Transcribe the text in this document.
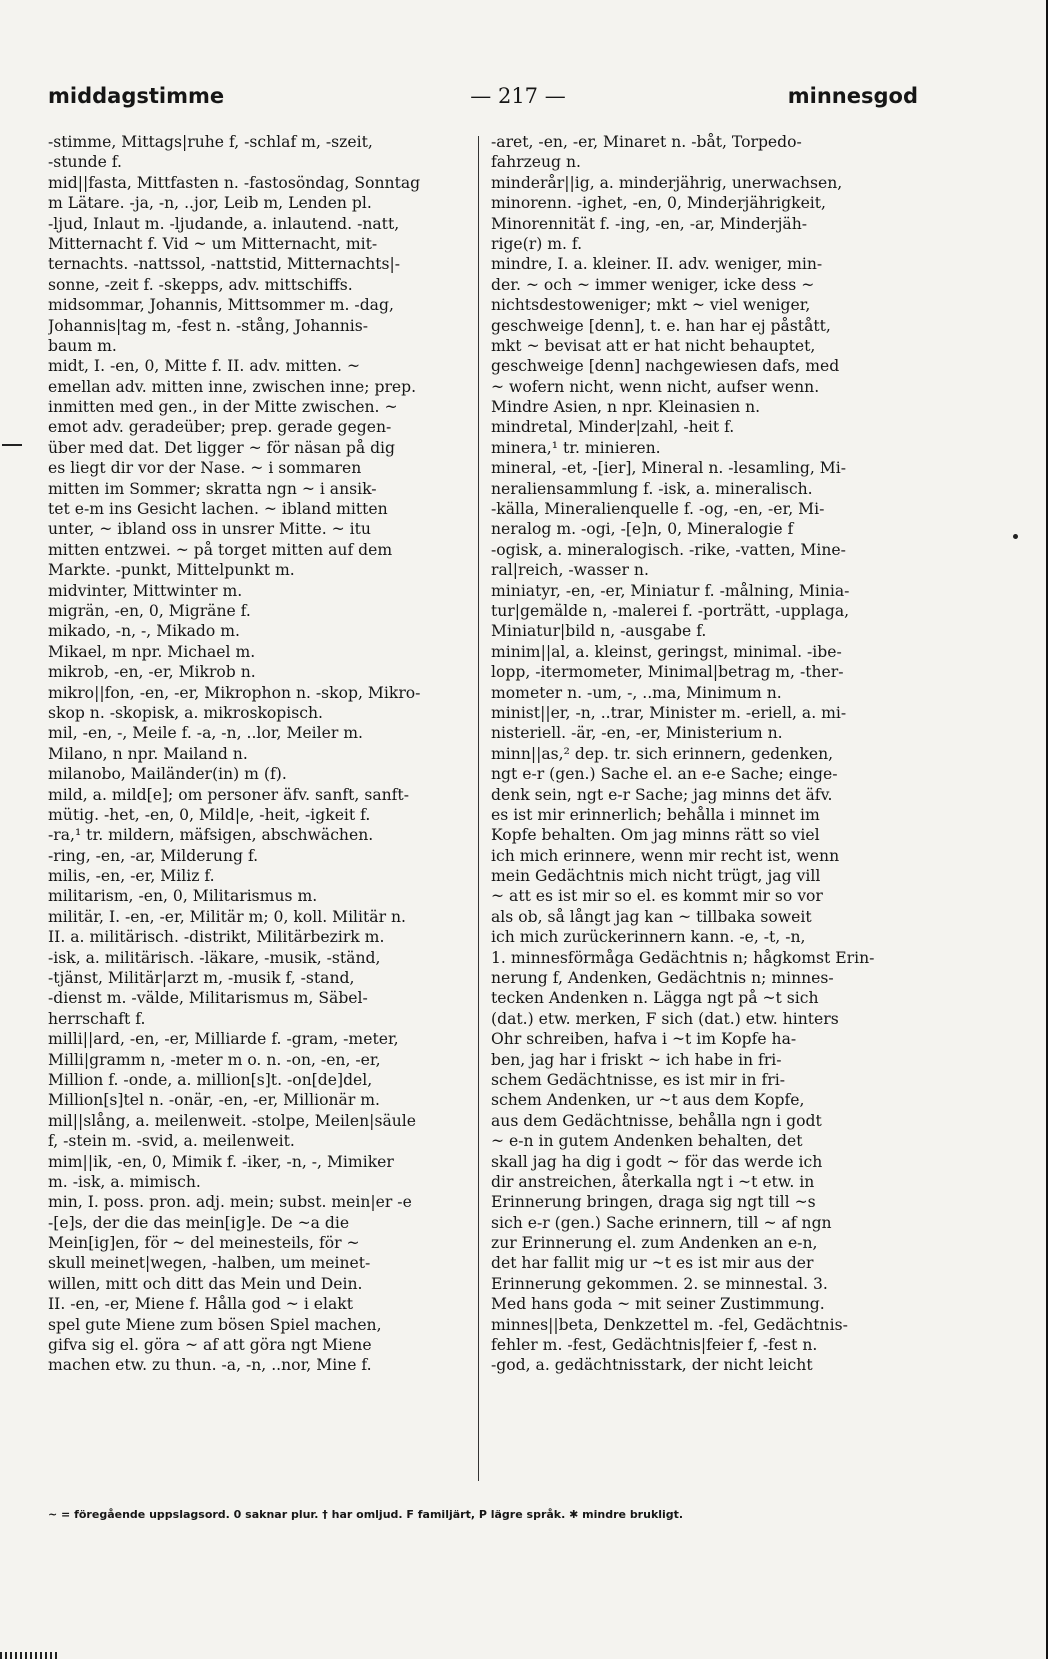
middagstimme	— 217 —	minnesgod
-stimme, Mittags|ruhe f, -schlaf m, -szeit,
-stunde f.
mid||fasta, Mittfasten n. -fastosöndag, Sonntag
m Lätare. -ja, -n, ..jor, Leib m, Lenden pl.
-ljud, Inlaut m. -ljudande, a. inlautend. -natt,
Mitternacht f. Vid ~ um Mitternacht, mit-
ternachts. -nattssol, -nattstid, Mitternachts|-
sonne, -zeit f. -skepps, adv. mittschiffs.
midsommar, Johannis, Mittsommer m. -dag,
Johannis|tag m, -fest n. -stång, Johannis-
baum m.
midt, I. -en, 0, Mitte f. II. adv. mitten. ~
emellan adv. mitten inne, zwischen inne; prep.
inmitten med gen., in der Mitte zwischen. ~
emot adv. geradeüber; prep. gerade gegen-
über med dat. Det ligger ~ för näsan på dig
es liegt dir vor der Nase. ~ i sommaren
mitten im Sommer; skratta ngn ~ i ansik-
tet e-m ins Gesicht lachen. ~ ibland mitten
unter, ~ ibland oss in unsrer Mitte. ~ itu
mitten entzwei. ~ på torget mitten auf dem
Markte. -punkt, Mittelpunkt m.
midvinter, Mittwinter m.
migrän, -en, 0, Migräne f.
mikado, -n, -, Mikado m.
Mikael, m npr. Michael m.
mikrob, -en, -er, Mikrob n.
mikro||fon, -en, -er, Mikrophon n. -skop, Mikro-
skop n. -skopisk, a. mikroskopisch.
mil, -en, -, Meile f. -a, -n, ..lor, Meiler m.
Milano, n npr. Mailand n.
milanobo, Mailänder(in) m (f).
mild, a. mild[e]; om personer äfv. sanft, sanft-
mütig. -het, -en, 0, Mild|e, -heit, -igkeit f.
-ra,¹ tr. mildern, mäfsigen, abschwächen.
-ring, -en, -ar, Milderung f.
milis, -en, -er, Miliz f.
militarism, -en, 0, Militarismus m.
militär, I. -en, -er, Militär m; 0, koll. Militär n.
II. a. militärisch. -distrikt, Militärbezirk m.
-isk, a. militärisch. -läkare, -musik, -ständ,
-tjänst, Militär|arzt m, -musik f, -stand,
-dienst m. -välde, Militarismus m, Säbel-
herrschaft f.
milli||ard, -en, -er, Milliarde f. -gram, -meter,
Milli|gramm n, -meter m o. n. -on, -en, -er,
Million f. -onde, a. million[s]t. -on[de]del,
Million[s]tel n. -onär, -en, -er, Millionär m.
mil||slång, a. meilenweit. -stolpe, Meilen|säule
f, -stein m. -svid, a. meilenweit.
mim||ik, -en, 0, Mimik f. -iker, -n, -, Mimiker
m. -isk, a. mimisch.
min, I. poss. pron. adj. mein; subst. mein|er -e
-[e]s, der die das mein[ig]e. De ~a die
Mein[ig]en, för ~ del meinesteils, för ~
skull meinet|wegen, -halben, um meinet-
willen, mitt och ditt das Mein und Dein.
II. -en, -er, Miene f. Hålla god ~ i elakt
spel gute Miene zum bösen Spiel machen,
gifva sig el. göra ~ af att göra ngt Miene
machen etw. zu thun. -a, -n, ..nor, Mine f.
-aret, -en, -er, Minaret n. -båt, Torpedo-
fahrzeug n.
minderår||ig, a. minderjährig, unerwachsen,
minorenn. -ighet, -en, 0, Minderjährigkeit,
Minorennität f. -ing, -en, -ar, Minderjäh-
rige(r) m. f.
mindre, I. a. kleiner. II. adv. weniger, min-
der. ~ och ~ immer weniger, icke dess ~
nichtsdestoweniger; mkt ~ viel weniger,
geschweige [denn], t. e. han har ej påstått,
mkt ~ bevisat att er hat nicht behauptet,
geschweige [denn] nachgewiesen dafs, med
~ wofern nicht, wenn nicht, aufser wenn.
Mindre Asien, n npr. Kleinasien n.
mindretal, Minder|zahl, -heit f.
minera,¹ tr. minieren.
mineral, -et, -[ier], Mineral n. -lesamling, Mi-
neraliensammlung f. -isk, a. mineralisch.
-källa, Mineralienquelle f. -og, -en, -er, Mi-
neralog m. -ogi, -[e]n, 0, Mineralogie f
-ogisk, a. mineralogisch. -rike, -vatten, Mine-
ral|reich, -wasser n.
miniatyr, -en, -er, Miniatur f. -målning, Minia-
tur|gemälde n, -malerei f. -porträtt, -upplaga,
Miniatur|bild n, -ausgabe f.
minim||al, a. kleinst, geringst, minimal. -ibe-
lopp, -itermometer, Minimal|betrag m, -ther-
mometer n. -um, -, ..ma, Minimum n.
minist||er, -n, ..trar, Minister m. -eriell, a. mi-
nisteriell. -är, -en, -er, Ministerium n.
minn||as,² dep. tr. sich erinnern, gedenken,
ngt e-r (gen.) Sache el. an e-e Sache; einge-
denk sein, ngt e-r Sache; jag minns det äfv.
es ist mir erinnerlich; behålla i minnet im
Kopfe behalten. Om jag minns rätt so viel
ich mich erinnere, wenn mir recht ist, wenn
mein Gedächtnis mich nicht trügt, jag vill
~ att es ist mir so el. es kommt mir so vor
als ob, så långt jag kan ~ tillbaka soweit
ich mich zurückerinnern kann. -e, -t, -n,
1. minnesförmåga Gedächtnis n; hågkomst Erin-
nerung f, Andenken, Gedächtnis n; minnes-
tecken Andenken n. Lägga ngt på ~t sich
(dat.) etw. merken, F sich (dat.) etw. hinters
Ohr schreiben, hafva i ~t im Kopfe ha-
ben, jag har i friskt ~ ich habe in fri-
schem Gedächtnisse, es ist mir in fri-
schem Andenken, ur ~t aus dem Kopfe,
aus dem Gedächtnisse, behålla ngn i godt
~ e-n in gutem Andenken behalten, det
skall jag ha dig i godt ~ för das werde ich
dir anstreichen, återkalla ngt i ~t etw. in
Erinnerung bringen, draga sig ngt till ~s
sich e-r (gen.) Sache erinnern, till ~ af ngn
zur Erinnerung el. zum Andenken an e-n,
det har fallit mig ur ~t es ist mir aus der
Erinnerung gekommen. 2. se minnestal. 3.
Med hans goda ~ mit seiner Zustimmung.
minnes||beta, Denkzettel m. -fel, Gedächtnis-
fehler m. -fest, Gedächtnis|feier f, -fest n.
-god, a. gedächtnisstark, der nicht leicht
~ = föregående uppslagsord. 0 saknar plur. † har omljud. F familjärt, P lägre språk. ✱ mindre brukligt.
